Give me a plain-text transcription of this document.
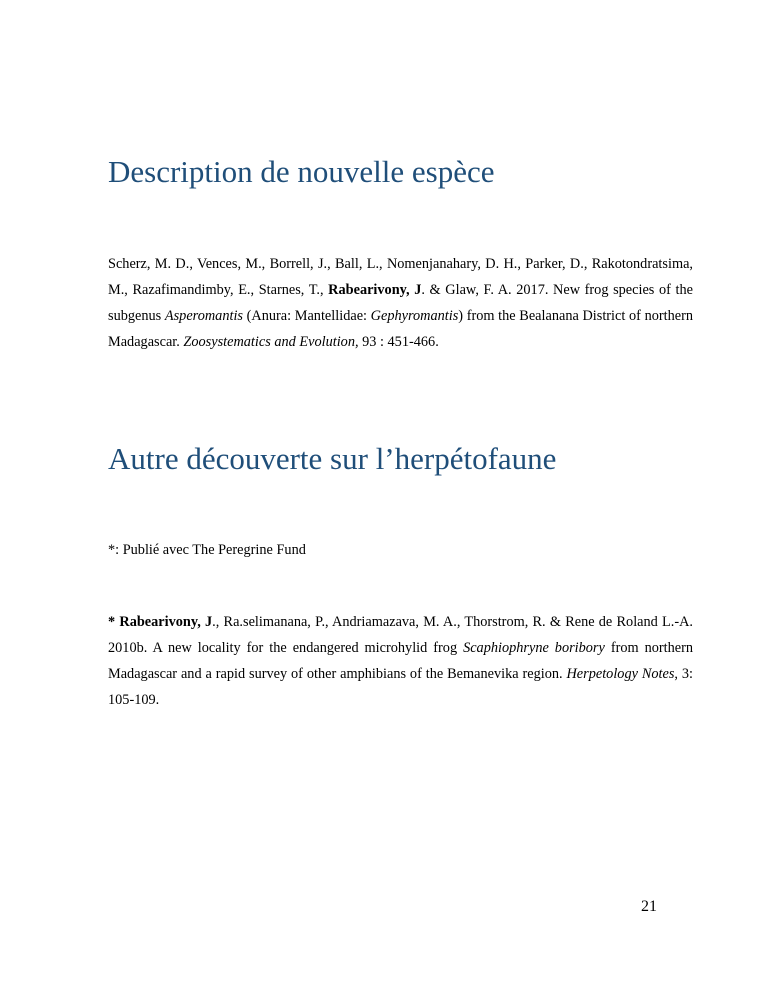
Description de nouvelle espèce

Scherz, M. D., Vences, M., Borrell, J., Ball, L., Nomenjanahary, D. H., Parker, D., Rakotondratsima, M., Razafimandimby, E., Starnes, T., Rabearivony, J. & Glaw, F. A. 2017. New frog species of the subgenus Asperomantis (Anura: Mantellidae: Gephyromantis) from the Bealanana District of northern Madagascar. Zoosystematics and Evolution, 93 : 451-466.

Autre découverte sur l’herpétofaune

*: Publié avec The Peregrine Fund

* Rabearivony, J., Ra.selimanana, P., Andriamazava, M. A., Thorstrom, R. & Rene de Roland L.-A. 2010b. A new locality for the endangered microhylid frog Scaphiophryne boribory from northern Madagascar and a rapid survey of other amphibians of the Bemanevika region. Herpetology Notes, 3: 105-109.

21
